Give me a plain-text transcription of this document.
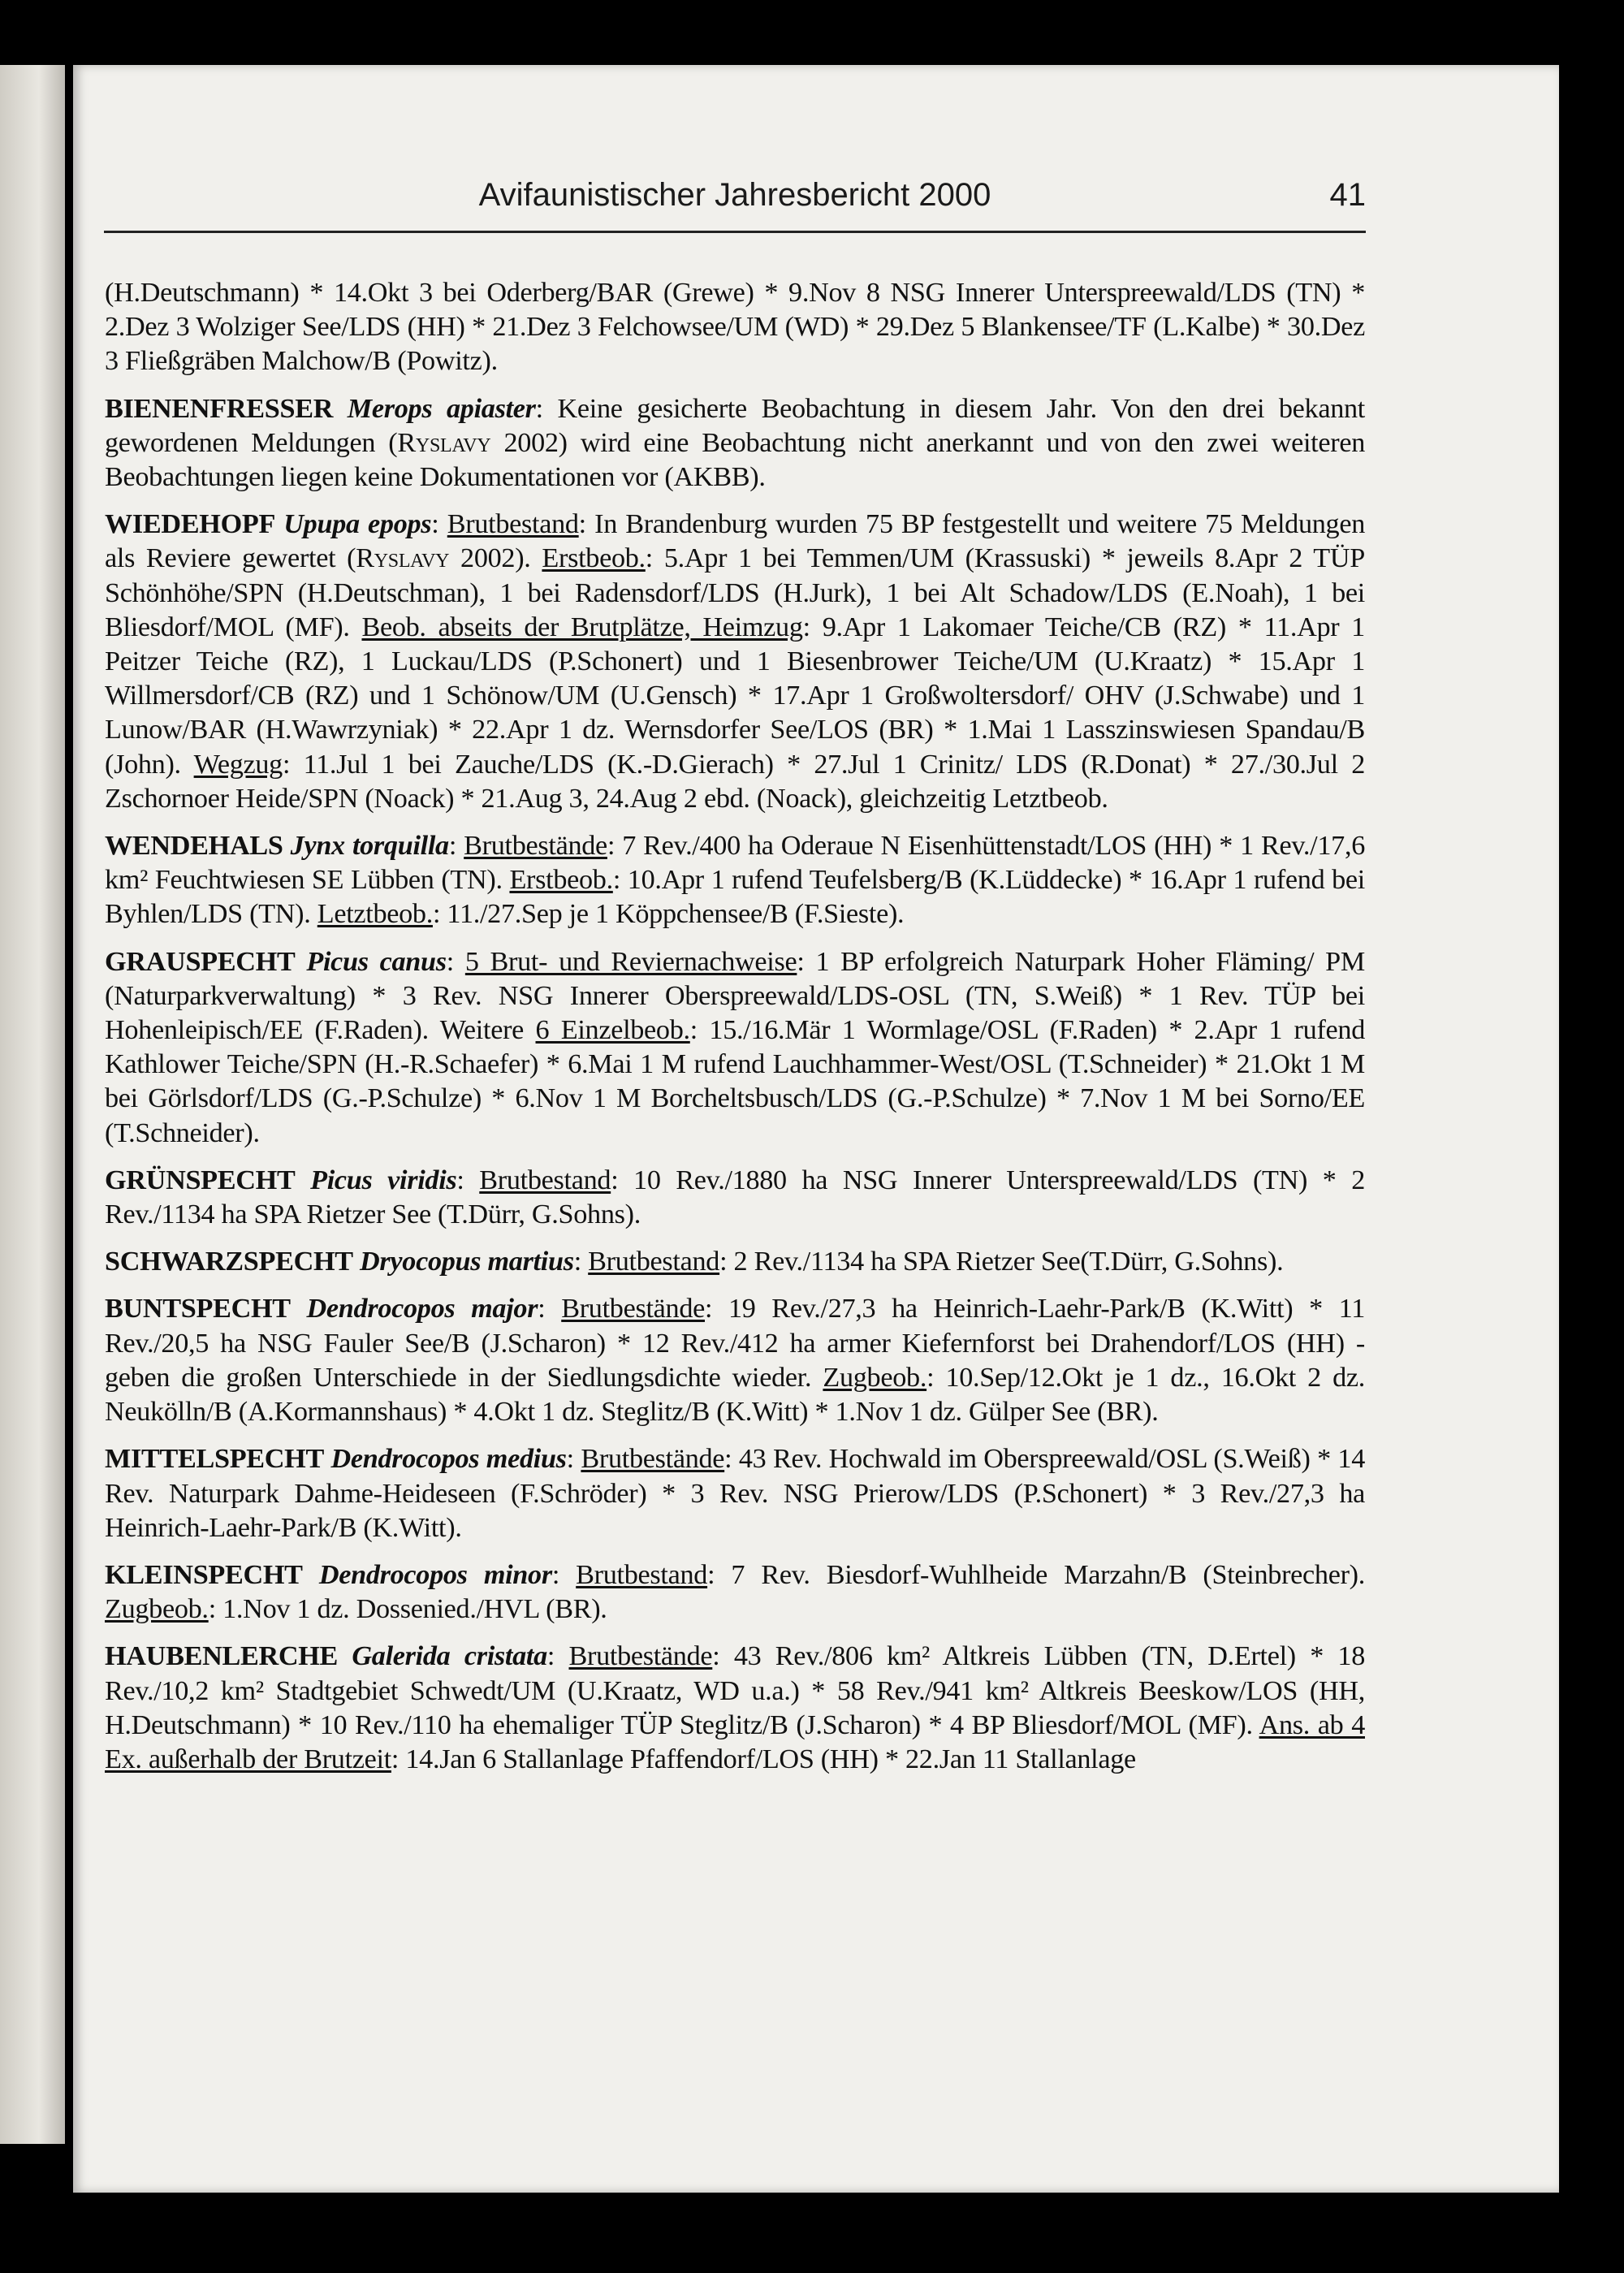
Avifaunistischer Jahresbericht 2000	41

(H.Deutschmann) * 14.Okt 3 bei Oderberg/BAR (Grewe) * 9.Nov 8 NSG Innerer Unterspreewald/LDS (TN) * 2.Dez 3 Wolziger See/LDS (HH) * 21.Dez 3 Felchowsee/UM (WD) * 29.Dez 5 Blankensee/TF (L.Kalbe) * 30.Dez 3 Fließgräben Malchow/B (Powitz).

BIENENFRESSER Merops apiaster: Keine gesicherte Beobachtung in diesem Jahr. Von den drei bekannt gewordenen Meldungen (Ryslavy 2002) wird eine Beobachtung nicht anerkannt und von den zwei weiteren Beobachtungen liegen keine Dokumentationen vor (AKBB).

WIEDEHOPF Upupa epops: Brutbestand: In Brandenburg wurden 75 BP festgestellt und weitere 75 Meldungen als Reviere gewertet (Ryslavy 2002). Erstbeob.: 5.Apr 1 bei Temmen/UM (Krassuski) * jeweils 8.Apr 2 TÜP Schönhöhe/SPN (H.Deutschman), 1 bei Radensdorf/LDS (H.Jurk), 1 bei Alt Schadow/LDS (E.Noah), 1 bei Bliesdorf/MOL (MF). Beob. abseits der Brutplätze, Heimzug: 9.Apr 1 Lakomaer Teiche/CB (RZ) * 11.Apr 1 Peitzer Teiche (RZ), 1 Luckau/LDS (P.Schonert) und 1 Biesenbrower Teiche/UM (U.Kraatz) * 15.Apr 1 Willmersdorf/CB (RZ) und 1 Schönow/UM (U.Gensch) * 17.Apr 1 Großwoltersdorf/ OHV (J.Schwabe) und 1 Lunow/BAR (H.Wawrzyniak) * 22.Apr 1 dz. Wernsdorfer See/LOS (BR) * 1.Mai 1 Lasszinswiesen Spandau/B (John). Wegzug: 11.Jul 1 bei Zauche/LDS (K.-D.Gierach) * 27.Jul 1 Crinitz/ LDS (R.Donat) * 27./30.Jul 2 Zschornoer Heide/SPN (Noack) * 21.Aug 3, 24.Aug 2 ebd. (Noack), gleichzeitig Letztbeob.

WENDEHALS Jynx torquilla: Brutbestände: 7 Rev./400 ha Oderaue N Eisenhüttenstadt/LOS (HH) * 1 Rev./17,6 km² Feuchtwiesen SE Lübben (TN). Erstbeob.: 10.Apr 1 rufend Teufelsberg/B (K.Lüddecke) * 16.Apr 1 rufend bei Byhlen/LDS (TN). Letztbeob.: 11./27.Sep je 1 Köppchensee/B (F.Sieste).

GRAUSPECHT Picus canus: 5 Brut- und Reviernachweise: 1 BP erfolgreich Naturpark Hoher Fläming/ PM (Naturparkverwaltung) * 3 Rev. NSG Innerer Oberspreewald/LDS-OSL (TN, S.Weiß) * 1 Rev. TÜP bei Hohenleipisch/EE (F.Raden). Weitere 6 Einzelbeob.: 15./16.Mär 1 Wormlage/OSL (F.Raden) * 2.Apr 1 rufend Kathlower Teiche/SPN (H.-R.Schaefer) * 6.Mai 1 M rufend Lauchhammer-West/OSL (T.Schneider) * 21.Okt 1 M bei Görlsdorf/LDS (G.-P.Schulze) * 6.Nov 1 M Borcheltsbusch/LDS (G.-P.Schulze) * 7.Nov 1 M bei Sorno/EE (T.Schneider).

GRÜNSPECHT Picus viridis: Brutbestand: 10 Rev./1880 ha NSG Innerer Unterspreewald/LDS (TN) * 2 Rev./1134 ha SPA Rietzer See (T.Dürr, G.Sohns).

SCHWARZSPECHT Dryocopus martius: Brutbestand: 2 Rev./1134 ha SPA Rietzer See(T.Dürr, G.Sohns).

BUNTSPECHT Dendrocopos major: Brutbestände: 19 Rev./27,3 ha Heinrich-Laehr-Park/B (K.Witt) * 11 Rev./20,5 ha NSG Fauler See/B (J.Scharon) * 12 Rev./412 ha armer Kiefernforst bei Drahendorf/LOS (HH) - geben die großen Unterschiede in der Siedlungsdichte wieder. Zugbeob.: 10.Sep/12.Okt je 1 dz., 16.Okt 2 dz. Neukölln/B (A.Kormannshaus) * 4.Okt 1 dz. Steglitz/B (K.Witt) * 1.Nov 1 dz. Gülper See (BR).

MITTELSPECHT Dendrocopos medius: Brutbestände: 43 Rev. Hochwald im Oberspreewald/OSL (S.Weiß) * 14 Rev. Naturpark Dahme-Heideseen (F.Schröder) * 3 Rev. NSG Prierow/LDS (P.Schonert) * 3 Rev./27,3 ha Heinrich-Laehr-Park/B (K.Witt).

KLEINSPECHT Dendrocopos minor: Brutbestand: 7 Rev. Biesdorf-Wuhlheide Marzahn/B (Steinbrecher). Zugbeob.: 1.Nov 1 dz. Dossenied./HVL (BR).

HAUBENLERCHE Galerida cristata: Brutbestände: 43 Rev./806 km² Altkreis Lübben (TN, D.Ertel) * 18 Rev./10,2 km² Stadtgebiet Schwedt/UM (U.Kraatz, WD u.a.) * 58 Rev./941 km² Altkreis Beeskow/LOS (HH, H.Deutschmann) * 10 Rev./110 ha ehemaliger TÜP Steglitz/B (J.Scharon) * 4 BP Bliesdorf/MOL (MF). Ans. ab 4 Ex. außerhalb der Brutzeit: 14.Jan 6 Stallanlage Pfaffendorf/LOS (HH) * 22.Jan 11 Stallanlage
